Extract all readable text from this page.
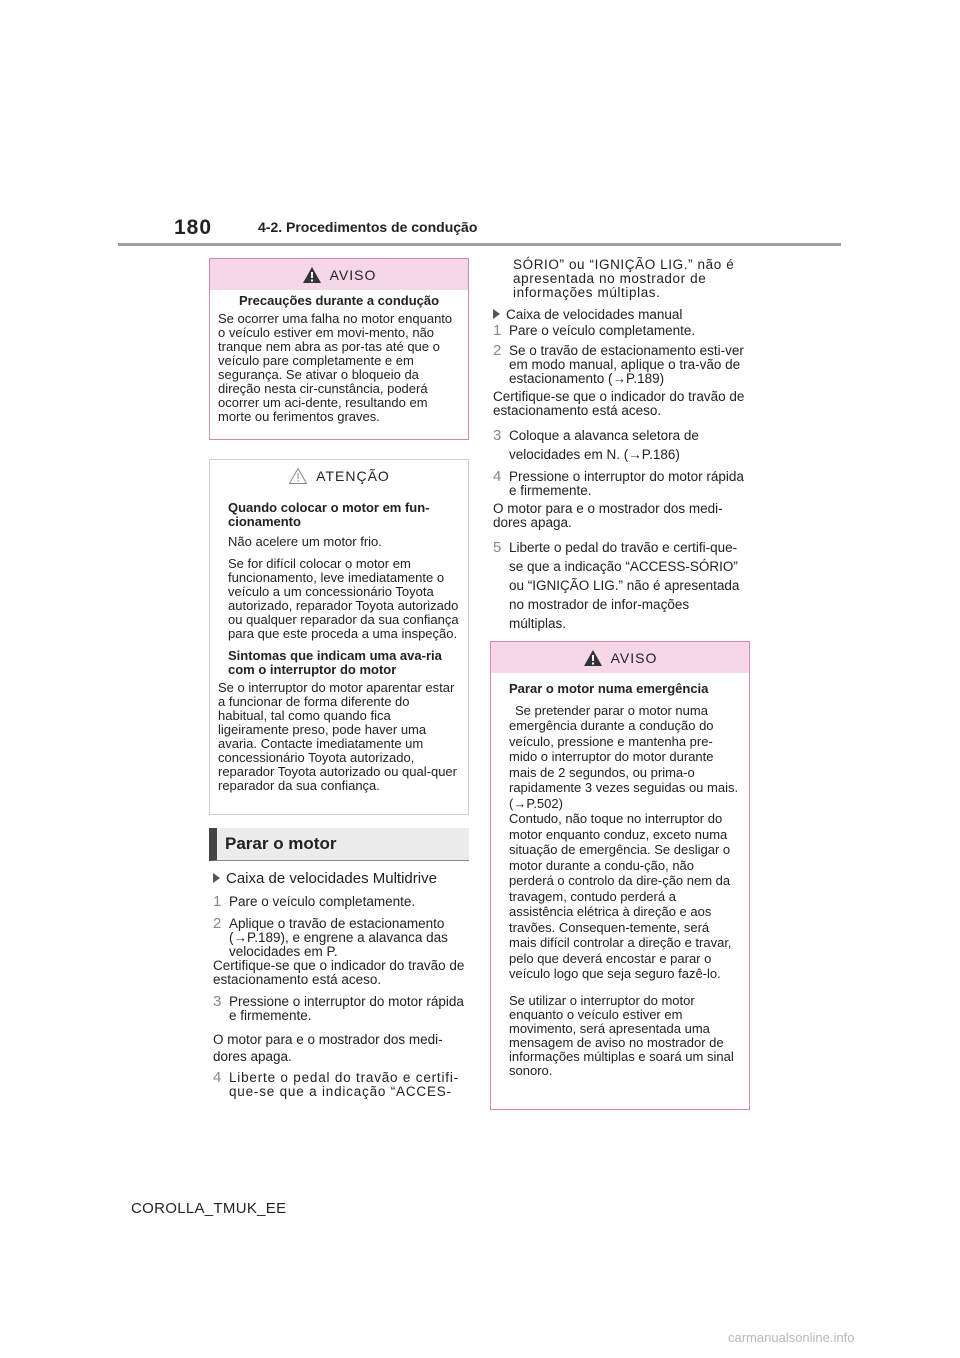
180	4-2. Procedimentos de condução
AVISO

Precauções durante a condução

Se ocorrer uma falha no motor enquanto o veículo estiver em movi-mento, não tranque nem abra as por-tas até que o veículo pare completamente e em segurança. Se ativar o bloqueio da direção nesta cir-cunstância, poderá ocorrer um aci-dente, resultando em morte ou ferimentos graves.

ATENÇÃO

Quando colocar o motor em fun-cionamento

Não acelere um motor frio.

Se for difícil colocar o motor em funcionamento, leve imediatamente o veículo a um concessionário Toyota autorizado, reparador Toyota autorizado ou qualquer reparador da sua confiança para que este proceda a uma inspeção.

Sintomas que indicam uma ava-ria com o interruptor do motor

Se o interruptor do motor aparentar estar a funcionar de forma diferente do habitual, tal como quando fica ligeiramente preso, pode haver uma avaria. Contacte imediatamente um concessionário Toyota autorizado, reparador Toyota autorizado ou qual-quer reparador da sua confiança.

Parar o motor

Caixa de velocidades Multidrive

1 Pare o veículo completamente.
2 Aplique o travão de estacionamento (→P.189), e engrene a alavanca das velocidades em P.

Certifique-se que o indicador do travão de estacionamento está aceso.

3 Pressione o interruptor do motor rápida e firmemente.

O motor para e o mostrador dos medi-dores apaga.

4 Liberte o pedal do travão e certifi-que-se que a indicação “ACCES-

SÓRIO” ou “IGNIÇÃO LIG.” não é apresentada no mostrador de informações múltiplas.

Caixa de velocidades manual

1 Pare o veículo completamente.
2 Se o travão de estacionamento esti-ver em modo manual, aplique o tra-vão de estacionamento (→P.189)

Certifique-se que o indicador do travão de estacionamento está aceso.

3 Coloque a alavanca seletora de velocidades em N. (→P.186)
4 Pressione o interruptor do motor rápida e firmemente.

O motor para e o mostrador dos medi-dores apaga.

5 Liberte o pedal do travão e certifi-que-se que a indicação “ACCESS-SÓRIO” ou “IGNIÇÃO LIG.” não é apresentada no mostrador de infor-mações múltiplas.
AVISO

Parar o motor numa emergência

Se pretender parar o motor numa emergência durante a condução do veículo, pressione e mantenha pre-mido o interruptor do motor durante mais de 2 segundos, ou prima-o rapidamente 3 vezes seguidas ou mais. (→P.502)

Contudo, não toque no interruptor do motor enquanto conduz, exceto numa situação de emergência. Se desligar o motor durante a condu-ção, não perderá o controlo da dire-ção nem da travagem, contudo perderá a assistência elétrica à direção e aos travões. Consequen-temente, será mais difícil controlar a direção e travar, pelo que deverá encostar e parar o veículo logo que seja seguro fazê-lo.

Se utilizar o interruptor do motor enquanto o veículo estiver em movimento, será apresentada uma mensagem de aviso no mostrador de informações múltiplas e soará um sinal sonoro.

COROLLA_TMUK_EE
carmanualsonline.info
